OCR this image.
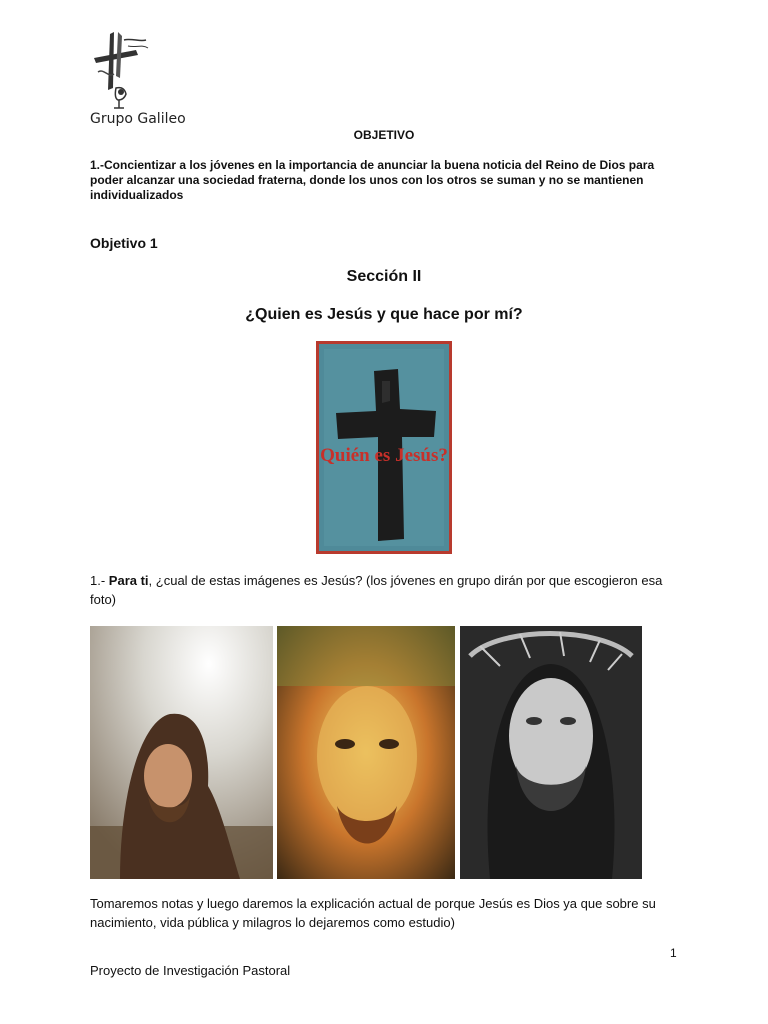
Grupo Galileo
OBJETIVO
1.-Concientizar a los jóvenes en la importancia de anunciar la buena noticia del Reino de Dios para poder alcanzar una sociedad fraterna, donde los unos con los otros se suman y no se mantienen individualizados
Objetivo 1
Sección II
¿Quien es Jesús y que hace por mí?
Quién es Jesús?
1.- Para ti, ¿cual de estas imágenes es Jesús? (los jóvenes en grupo dirán por que escogieron esa foto)
Tomaremos notas y luego daremos la explicación actual de porque Jesús es Dios ya que sobre su nacimiento, vida pública y milagros lo dejaremos como estudio)
1
Proyecto de Investigación Pastoral
